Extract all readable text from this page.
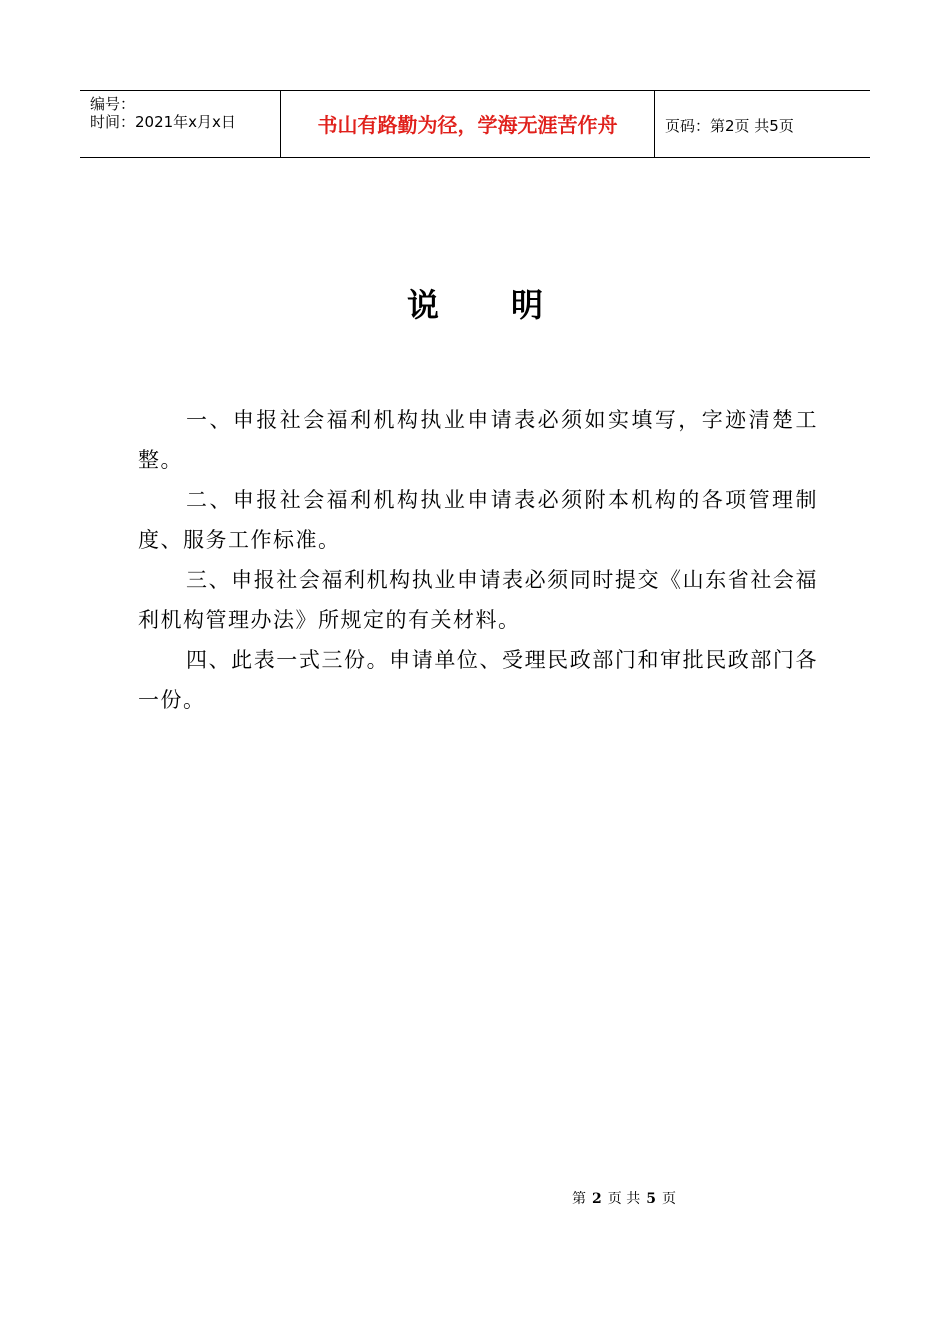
编号：
时间：2021年x月x日	书山有路勤为径，学海无涯苦作舟	页码：第2页 共5页
说明

一、申报社会福利机构执业申请表必须如实填写，字迹清楚工整。

二、申报社会福利机构执业申请表必须附本机构的各项管理制度、服务工作标准。

三、申报社会福利机构执业申请表必须同时提交《山东省社会福利机构管理办法》所规定的有关材料。

四、此表一式三份。申请单位、受理民政部门和审批民政部门各一份。

第 2 页 共 5 页
